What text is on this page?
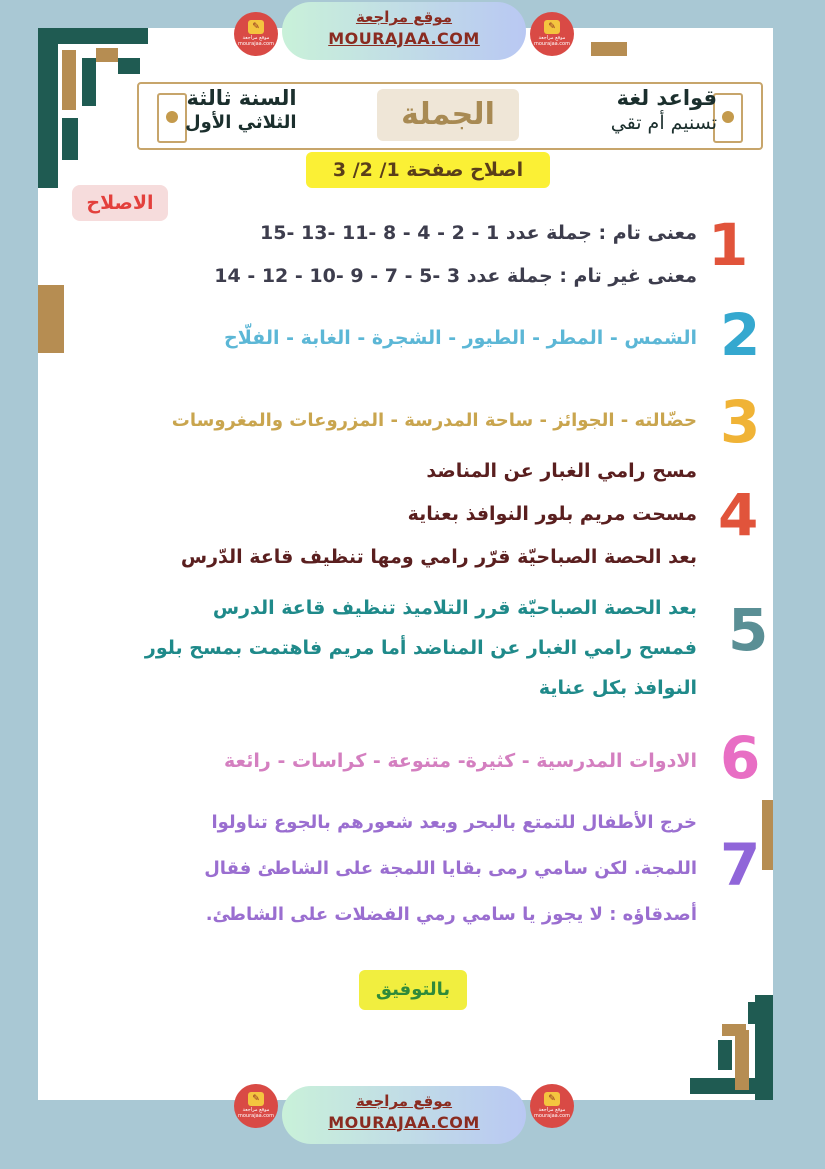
✎
موقع مراجعة
mourajaa.com
موقع مراجعة
MOURAJAA.COM
✎
موقع مراجعة
mourajaa.com
السنة ثالثة
الثلاثي الأول	الجملة	قواعد لغة
تسنيم أم تقي
اصلاح صفحة 1/ 2/ 3
الاصلاح
1
معنى تام : جملة عدد 1 - 2 - 4 - 8 -11 -13 -15
معنى غير تام : جملة عدد 3 -5 - 7 - 9 -10 - 12 - 14
2
الشمس - المطر - الطيور - الشجرة - الغابة - الفلّاح
3
حضّالته - الجوائز - ساحة المدرسة - المزروعات والمغروسات
4
مسح رامي الغبار عن المناضد
مسحت مريم بلور النوافذ بعناية
بعد الحصة الصباحيّة قرّر رامي ومها تنظيف قاعة الدّرس
5
بعد الحصة الصباحيّة قرر التلاميذ تنظيف قاعة الدرس
فمسح رامي الغبار عن المناضد أما مريم فاهتمت بمسح بلور
النوافذ بكل عناية
6
الادوات المدرسية - كثيرة- متنوعة - كراسات - رائعة
7
خرج الأطفال للتمتع بالبحر وبعد شعورهم بالجوع تناولوا
اللمجة. لكن سامي رمى بقايا اللمجة على الشاطئ فقال
أصدقاؤه : لا يجوز يا سامي رمي الفضلات على الشاطئ.
بالتوفيق
✎
موقع مراجعة
mourajaa.com
موقع مراجعة
MOURAJAA.COM
✎
موقع مراجعة
mourajaa.com
